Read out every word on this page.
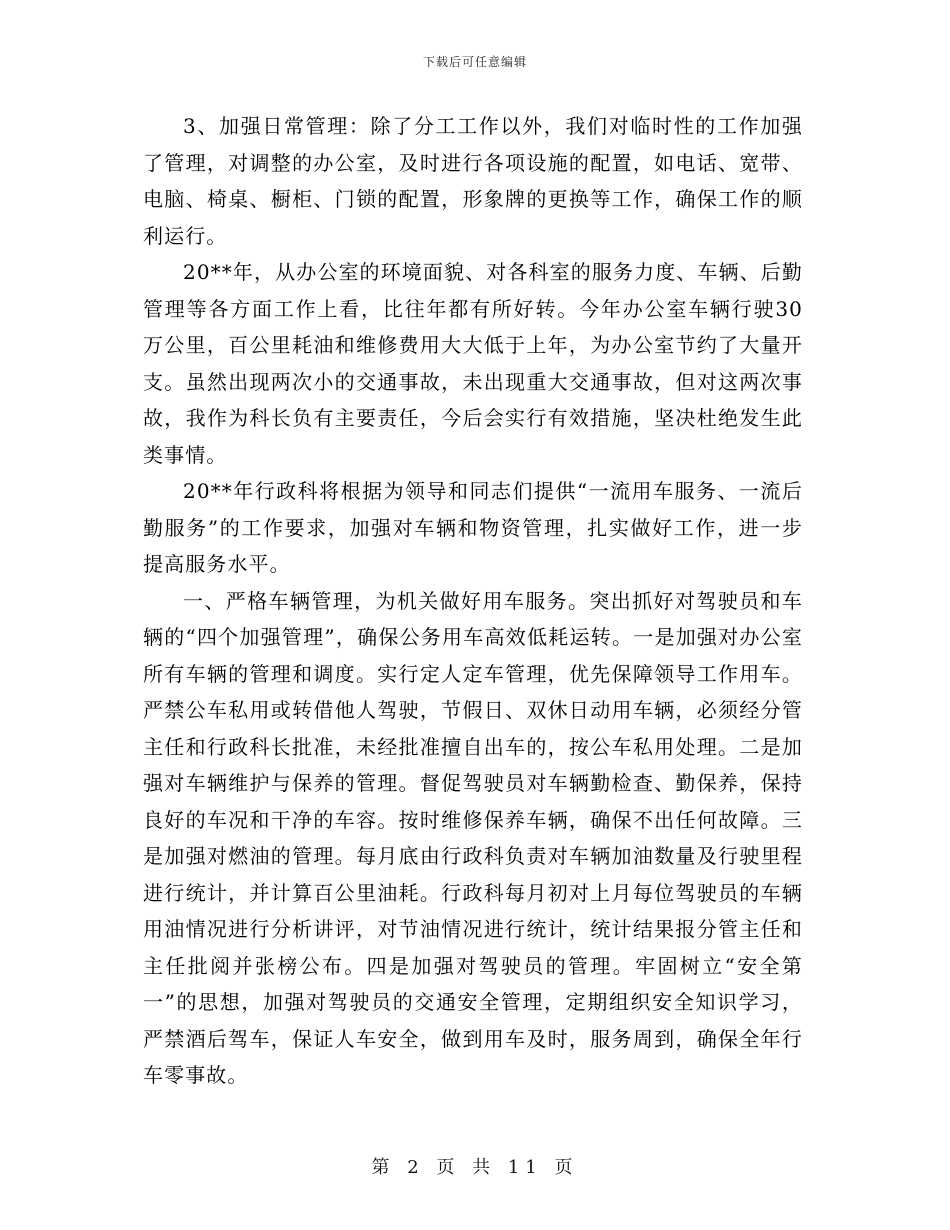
下载后可任意编辑

3、加强日常管理：除了分工工作以外，我们对临时性的工作加强了管理，对调整的办公室，及时进行各项设施的配置，如电话、宽带、电脑、椅桌、橱柜、门锁的配置，形象牌的更换等工作，确保工作的顺利运行。

20**年，从办公室的环境面貌、对各科室的服务力度、车辆、后勤管理等各方面工作上看，比往年都有所好转。今年办公室车辆行驶30万公里，百公里耗油和维修费用大大低于上年，为办公室节约了大量开支。虽然出现两次小的交通事故，未出现重大交通事故，但对这两次事故，我作为科长负有主要责任，今后会实行有效措施，坚决杜绝发生此类事情。

20**年行政科将根据为领导和同志们提供“一流用车服务、一流后勤服务”的工作要求，加强对车辆和物资管理，扎实做好工作，进一步提高服务水平。

一、严格车辆管理，为机关做好用车服务。突出抓好对驾驶员和车辆的“四个加强管理”，确保公务用车高效低耗运转。一是加强对办公室所有车辆的管理和调度。实行定人定车管理，优先保障领导工作用车。严禁公车私用或转借他人驾驶，节假日、双休日动用车辆，必须经分管主任和行政科长批准，未经批准擅自出车的，按公车私用处理。二是加强对车辆维护与保养的管理。督促驾驶员对车辆勤检查、勤保养，保持良好的车况和干净的车容。按时维修保养车辆，确保不出任何故障。三是加强对燃油的管理。每月底由行政科负责对车辆加油数量及行驶里程进行统计，并计算百公里油耗。行政科每月初对上月每位驾驶员的车辆用油情况进行分析讲评，对节油情况进行统计，统计结果报分管主任和主任批阅并张榜公布。四是加强对驾驶员的管理。牢固树立“安全第一”的思想，加强对驾驶员的交通安全管理，定期组织安全知识学习，严禁酒后驾车，保证人车安全，做到用车及时，服务周到，确保全年行车零事故。

第 2 页 共 11 页
